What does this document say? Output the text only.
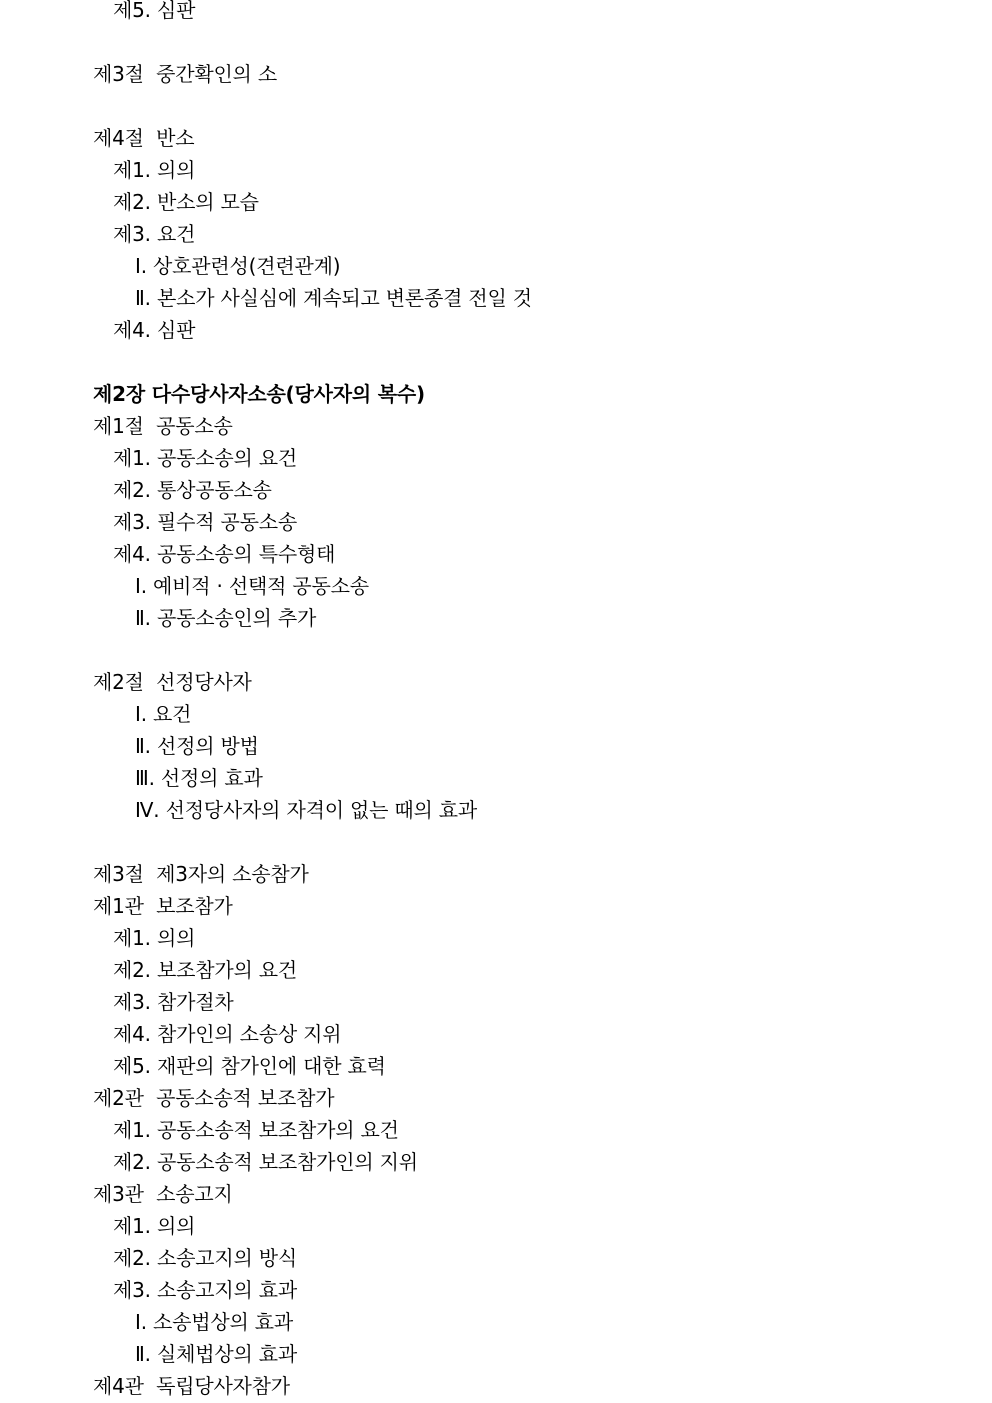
제5. 심판
제3절  중간확인의 소
제4절  반소
제1. 의의
제2. 반소의 모습
제3. 요건
Ⅰ. 상호관련성(견련관계)
Ⅱ. 본소가 사실심에 계속되고 변론종결 전일 것
제4. 심판
제2장 다수당사자소송(당사자의 복수)
제1절  공동소송
제1. 공동소송의 요건
제2. 통상공동소송
제3. 필수적 공동소송
제4. 공동소송의 특수형태
Ⅰ. 예비적 · 선택적 공동소송
Ⅱ. 공동소송인의 추가
제2절  선정당사자
Ⅰ. 요건
Ⅱ. 선정의 방법
Ⅲ. 선정의 효과
Ⅳ. 선정당사자의 자격이 없는 때의 효과
제3절  제3자의 소송참가
제1관  보조참가
제1. 의의
제2. 보조참가의 요건
제3. 참가절차
제4. 참가인의 소송상 지위
제5. 재판의 참가인에 대한 효력
제2관  공동소송적 보조참가
제1. 공동소송적 보조참가의 요건
제2. 공동소송적 보조참가인의 지위
제3관  소송고지
제1. 의의
제2. 소송고지의 방식
제3. 소송고지의 효과
Ⅰ. 소송법상의 효과
Ⅱ. 실체법상의 효과
제4관  독립당사자참가
